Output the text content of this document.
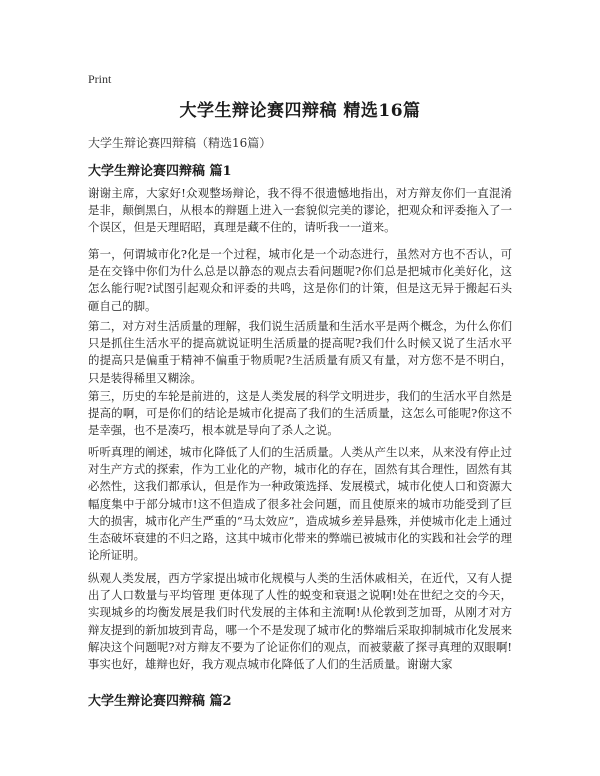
Print
大学生辩论赛四辩稿 精选16篇
大学生辩论赛四辩稿（精选16篇）
大学生辩论赛四辩稿 篇1
谢谢主席，大家好!众观整场辩论，我不得不很遗憾地指出，对方辩友你们一直混淆是非，颠倒黑白，从根本的辩题上进入一套貌似完美的谬论，把观众和评委拖入了一个误区，但是天理昭昭，真理是藏不住的，请听我一一道来。
第一，何谓城市化?化是一个过程，城市化是一个动态进行，虽然对方也不否认，可是在交锋中你们为什么总是以静态的观点去看问题呢?你们总是把城市化美好化，这怎么能行呢?试图引起观众和评委的共鸣，这是你们的计策，但是这无异于搬起石头砸自己的脚。
第二，对方对生活质量的理解，我们说生活质量和生活水平是两个概念，为什么你们只是抓住生活水平的提高就说证明生活质量的提高呢?我们什么时候又说了生活水平的提高只是偏重于精神不偏重于物质呢?生活质量有质又有量，对方您不是不明白，只是装得稀里又糊涂。
第三，历史的车轮是前进的，这是人类发展的科学文明进步，我们的生活水平自然是提高的啊，可是你们的结论是城市化提高了我们的生活质量，这怎么可能呢?你这不是幸强，也不是凑巧，根本就是导向了杀人之说。
听听真理的阐述，城市化降低了人们的生活质量。人类从产生以来，从来没有停止过对生产方式的探索，作为工业化的产物，城市化的存在，固然有其合理性，固然有其必然性，这我们都承认，但是作为一种政策选择、发展模式，城市化使人口和资源大幅度集中于部分城市!这不但造成了很多社会问题，而且使原来的城市功能受到了巨大的损害，城市化产生严重的“马太效应”，造成城乡差异悬殊，并使城市化走上通过生态破坏衰建的不归之路，这其中城市化带来的弊端已被城市化的实践和社会学的理论所证明。
纵观人类发展，西方学家提出城市化规模与人类的生活休戚相关，在近代，又有人提出了人口数量与平均管理 更体现了人性的蜕变和衰退之说啊!处在世纪之交的今天，实现城乡的均衡发展是我们时代发展的主体和主流啊!从伦敦到芝加哥，从刚才对方辩友提到的新加坡到青岛，哪一个不是发现了城市化的弊端后采取抑制城市化发展来解决这个问题呢?对方辩友不要为了论证你们的观点，而被蒙蔽了探寻真理的双眼啊!事实也好，雄辩也好，我方观点城市化降低了人们的生活质量。谢谢大家
大学生辩论赛四辩稿 篇2
